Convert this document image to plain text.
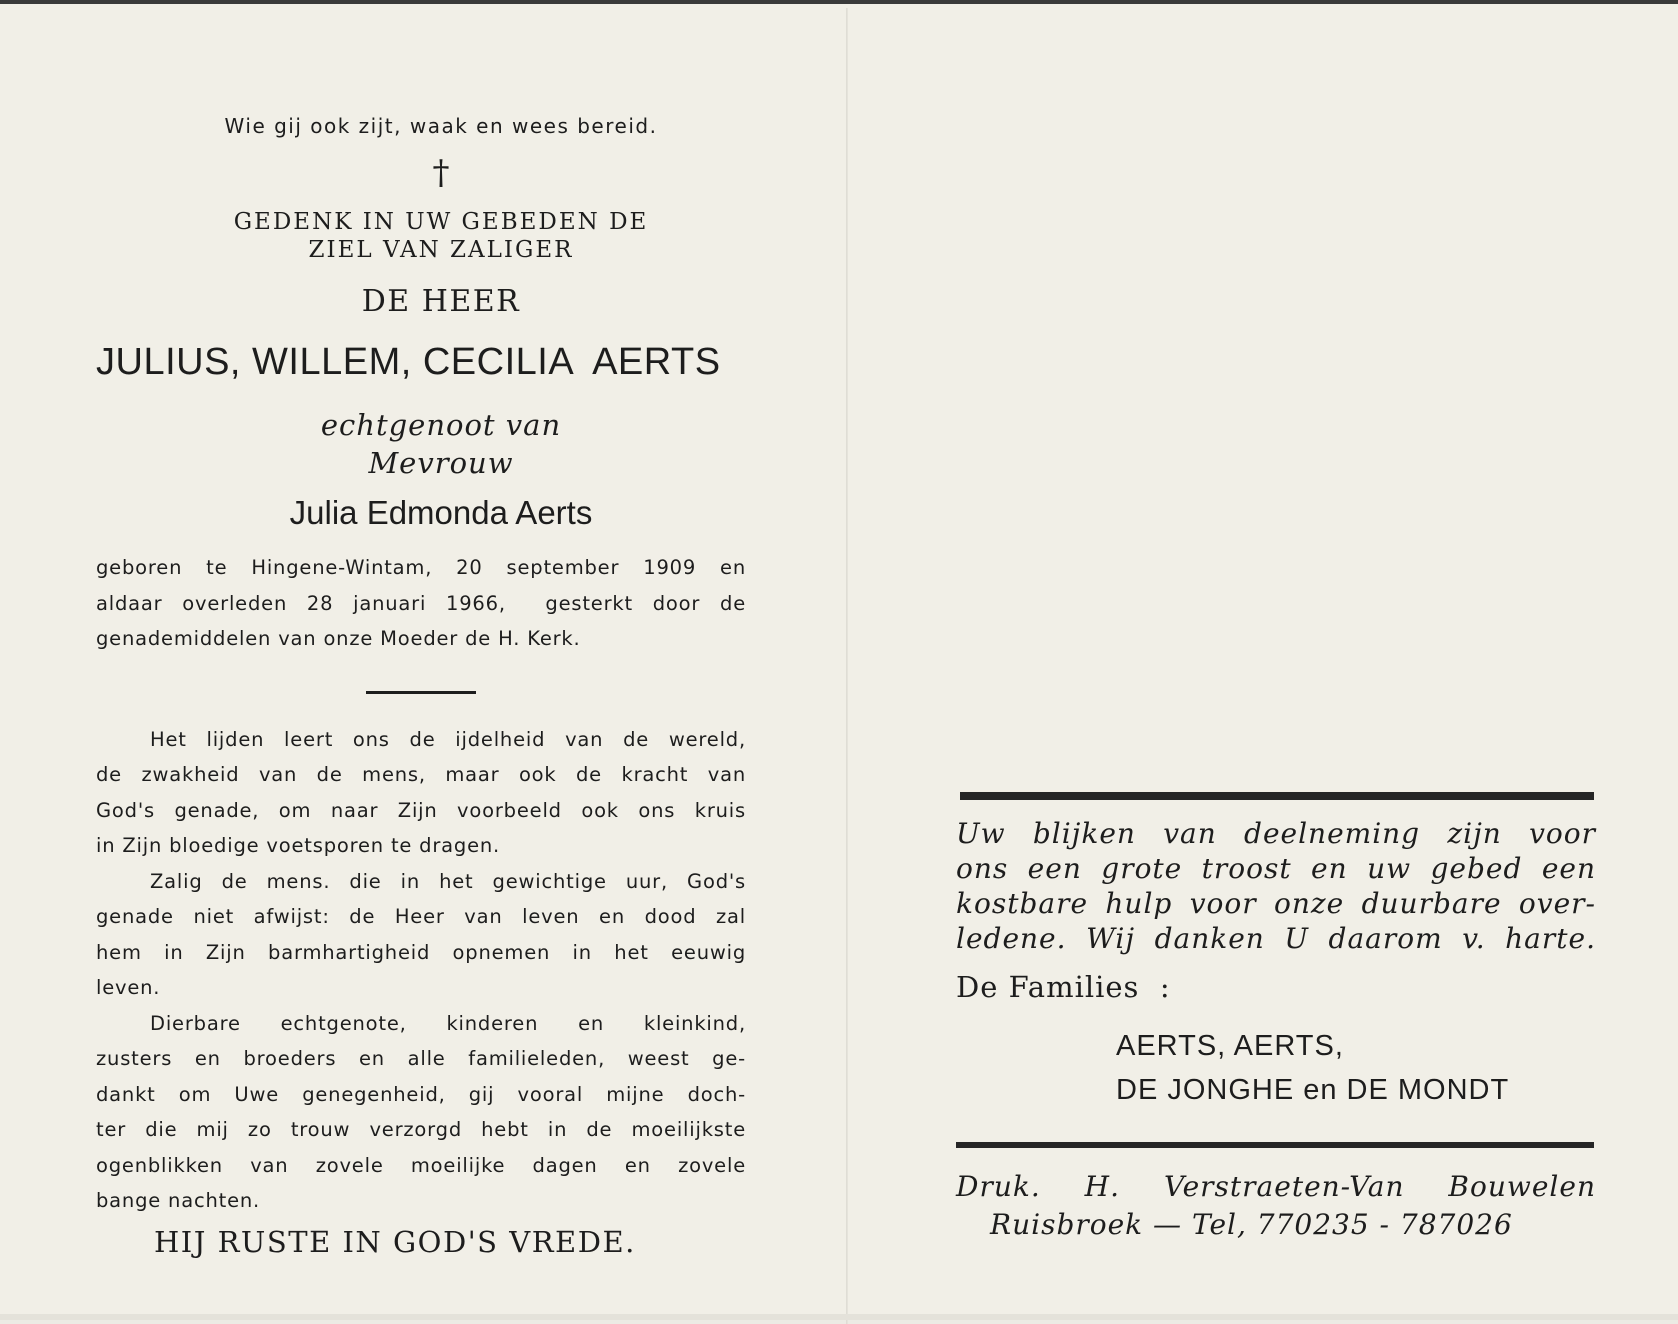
Wie gij ook zijt, waak en wees bereid.
†
GEDENK IN UW GEBEDEN DE
ZIEL VAN ZALIGER
DE HEER
JULIUS, WILLEM, CECILIA  AERTS
echtgenoot van
Mevrouw
Julia Edmonda Aerts
geboren te Hingene-Wintam, 20 september 1909 en
aldaar overleden 28 januari 1966,  gesterkt door de
genademiddelen van onze Moeder de H. Kerk.
Het lijden leert ons de ijdelheid van de wereld,
de zwakheid van de mens, maar ook de kracht van
God's genade, om naar Zijn voorbeeld ook ons kruis
in Zijn bloedige voetsporen te dragen.
Zalig de mens. die in het gewichtige uur, God's
genade niet afwijst: de Heer van leven en dood zal
hem in Zijn barmhartigheid opnemen in het eeuwig
leven.
Dierbare echtgenote, kinderen en kleinkind,
zusters en broeders en alle familieleden, weest ge-
dankt om Uwe genegenheid, gij vooral mijne doch-
ter die mij zo trouw verzorgd hebt in de moeilijkste
ogenblikken van zovele moeilijke dagen en zovele
bange nachten.
HIJ RUSTE IN GOD'S VREDE.
Uw blijken van deelneming zijn voor
ons een grote troost en uw gebed een
kostbare hulp voor onze duurbare over-
ledene. Wij danken U daarom v. harte.
De Families  :
AERTS, AERTS,
DE JONGHE en DE MONDT
Druk. H. Verstraeten-Van Bouwelen
Ruisbroek — Tel, 770235 - 787026
